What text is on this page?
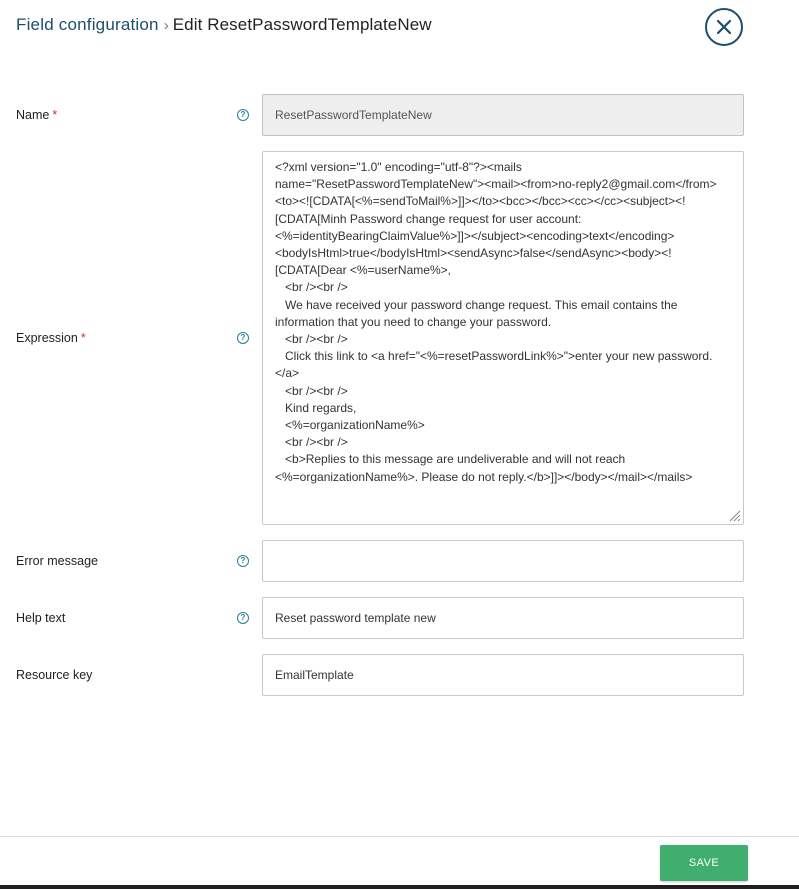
Field configuration › Edit ResetPasswordTemplateNew
Name *	?
ResetPasswordTemplateNew
Expression *	?
<?xml version="1.0" encoding="utf-8"?><mails name="ResetPasswordTemplateNew"><mail><from>no-reply2@gmail.com</from><to><![CDATA[<%=sendToMail%>]]></to><bcc></bcc><cc></cc><subject><![CDATA[Minh Password change request for user account: <%=identityBearingClaimValue%>]]></subject><encoding>text</encoding><bodyIsHtml>true</bodyIsHtml><sendAsync>false</sendAsync><body><![CDATA[Dear <%=userName%>, <br /><br /> We have received your password change request. This email contains the information that you need to change your password. <br /><br /> Click this link to <a href="<%=resetPasswordLink%>">enter your new password.</a> <br /><br /> Kind regards, <%=organizationName%> <br /><br /> <b>Replies to this message are undeliverable and will not reach <%=organizationName%>. Please do not reply.</b>]]></body></mail></mails>
Error message	?
Help text	?
Reset password template new
Resource key
EmailTemplate
SAVE
